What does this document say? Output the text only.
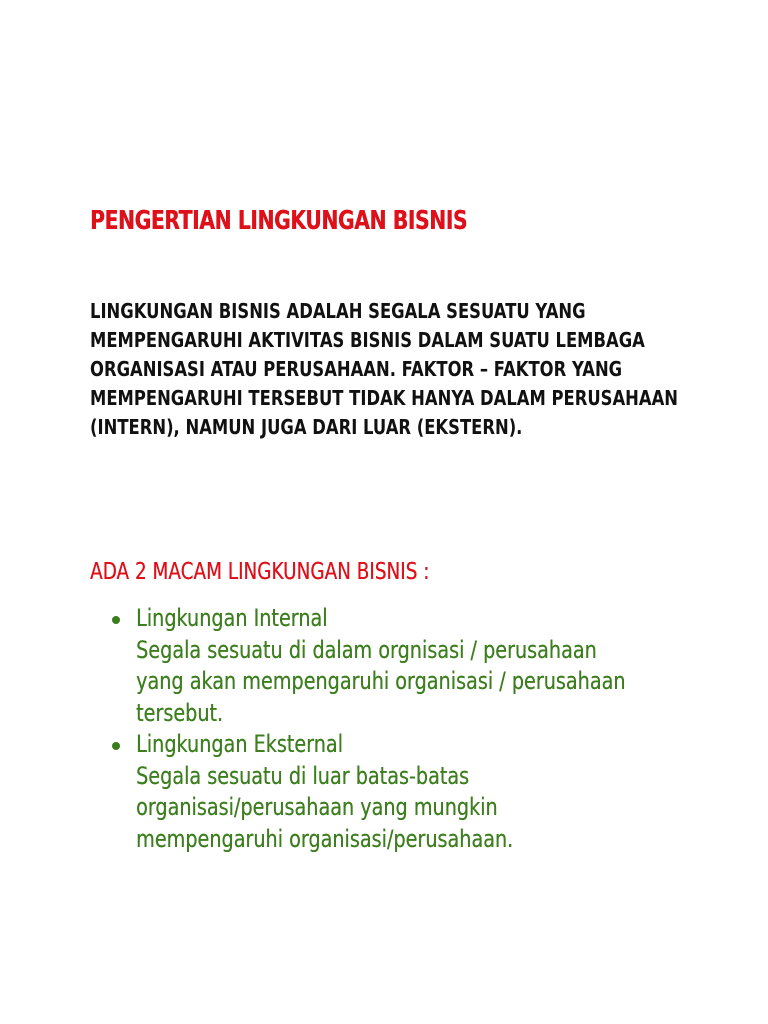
PENGERTIAN LINGKUNGAN BISNIS

LINGKUNGAN BISNIS ADALAH SEGALA SESUATU YANG
MEMPENGARUHI AKTIVITAS BISNIS DALAM SUATU LEMBAGA
ORGANISASI ATAU PERUSAHAAN. FAKTOR – FAKTOR YANG
MEMPENGARUHI TERSEBUT TIDAK HANYA DALAM PERUSAHAAN
(INTERN), NAMUN JUGA DARI LUAR (EKSTERN).

ADA 2 MACAM LINGKUNGAN BISNIS :
Lingkungan Internal
Segala sesuatu di dalam orgnisasi / perusahaan
yang akan mempengaruhi organisasi / perusahaan
tersebut.
Lingkungan Eksternal
Segala sesuatu di luar batas-batas
organisasi/perusahaan yang mungkin
mempengaruhi organisasi/perusahaan.
